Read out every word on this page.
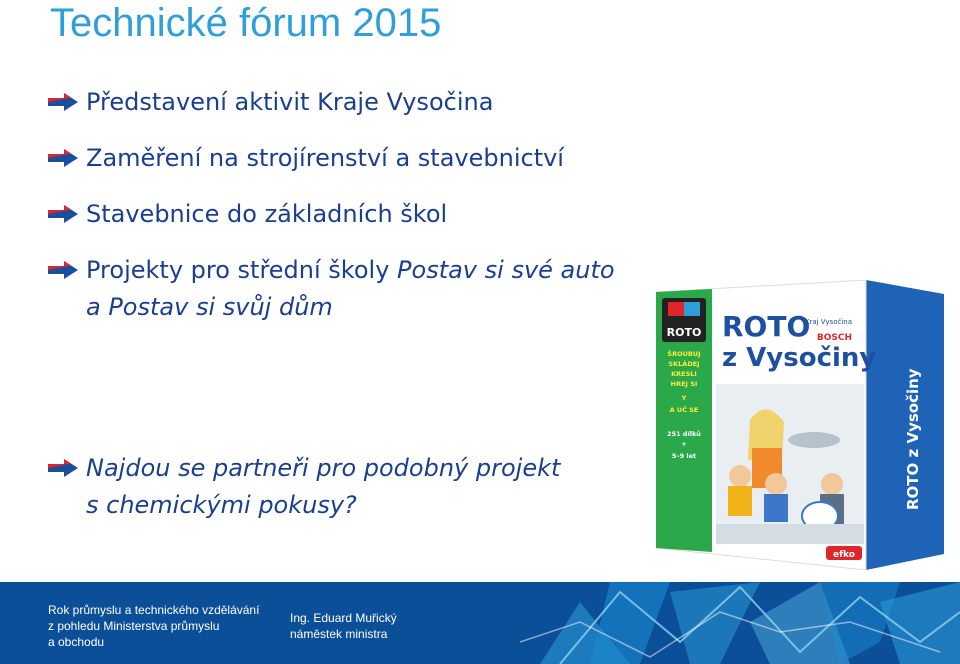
Technické fórum 2015
Představení aktivit Kraje Vysočina
Zaměření na strojírenství a stavebnictví
Stavebnice do základních škol
Projekty pro střední školy Postav si své auto
a Postav si svůj dům
Najdou se partneři pro podobný projekt
s chemickými pokusy?
ROTO
ŠROUBUJ
SKLÁDEJ
KRESLI
HREJ SI
Y
A UČ SE
251 dílků
+
5–9 let
ROTO
z Vysočiny
Kraj Vysočina
BOSCH
ROTO z Vysočiny
efko
Rok průmyslu a technického vzdělávání
z pohledu Ministerstva průmyslu
a obchodu
Ing. Eduard Muřický
náměstek ministra
